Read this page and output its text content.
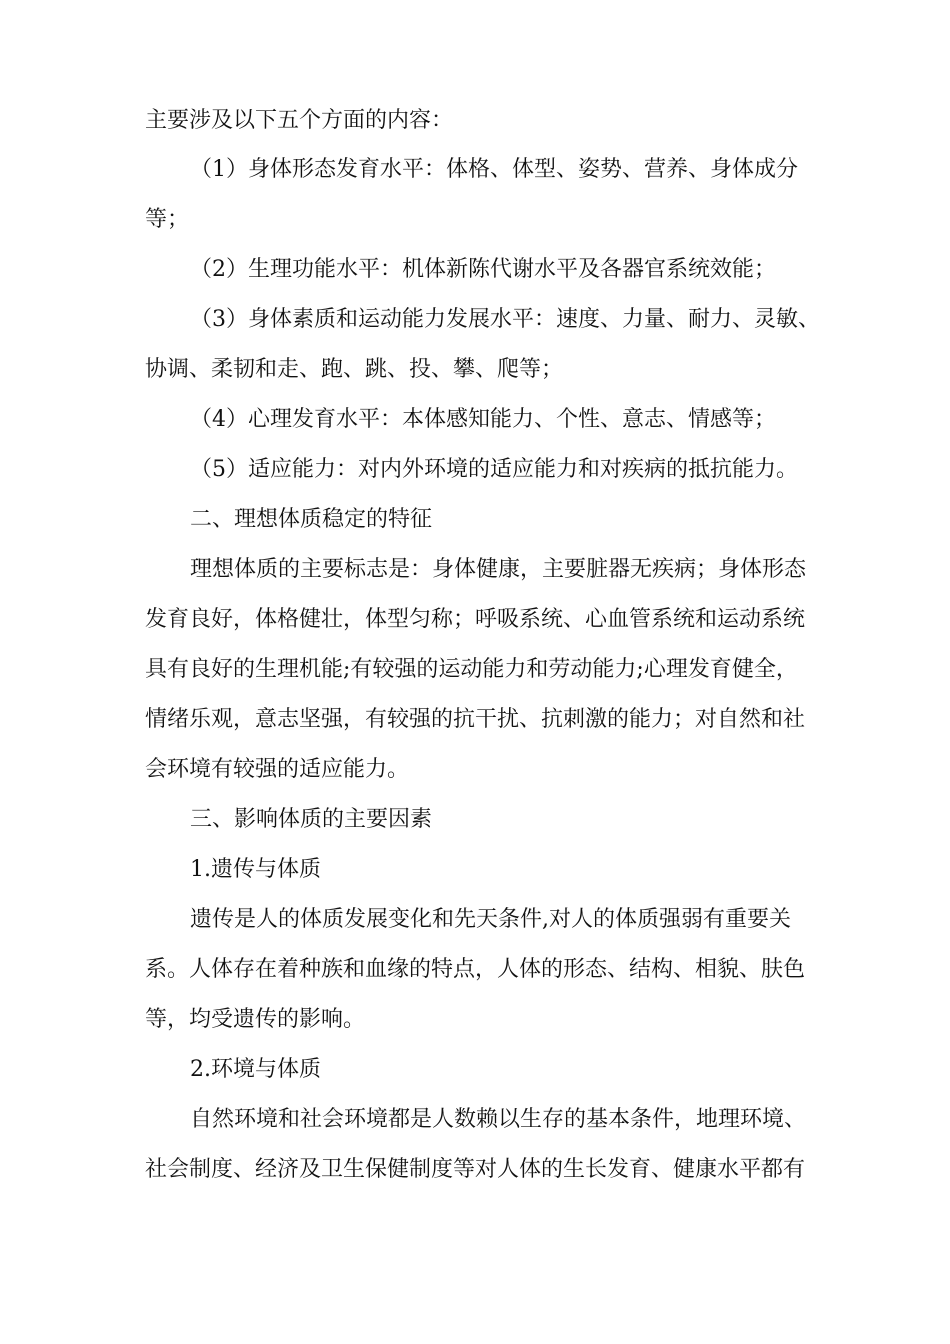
主要涉及以下五个方面的内容：
（1）身体形态发育水平：体格、体型、姿势、营养、身体成分
等；
（2）生理功能水平：机体新陈代谢水平及各器官系统效能；
（3）身体素质和运动能力发展水平：速度、力量、耐力、灵敏、
协调、柔韧和走、跑、跳、投、攀、爬等；
（4）心理发育水平：本体感知能力、个性、意志、情感等；
（5）适应能力：对内外环境的适应能力和对疾病的抵抗能力。
二、理想体质稳定的特征
理想体质的主要标志是：身体健康，主要脏器无疾病；身体形态
发育良好，体格健壮，体型匀称；呼吸系统、心血管系统和运动系统
具有良好的生理机能;有较强的运动能力和劳动能力;心理发育健全，
情绪乐观，意志坚强，有较强的抗干扰、抗刺激的能力；对自然和社
会环境有较强的适应能力。
三、影响体质的主要因素
1.遗传与体质
遗传是人的体质发展变化和先天条件,对人的体质强弱有重要关
系。人体存在着种族和血缘的特点，人体的形态、结构、相貌、肤色
等，均受遗传的影响。
2.环境与体质
自然环境和社会环境都是人数赖以生存的基本条件，地理环境、
社会制度、经济及卫生保健制度等对人体的生长发育、健康水平都有
